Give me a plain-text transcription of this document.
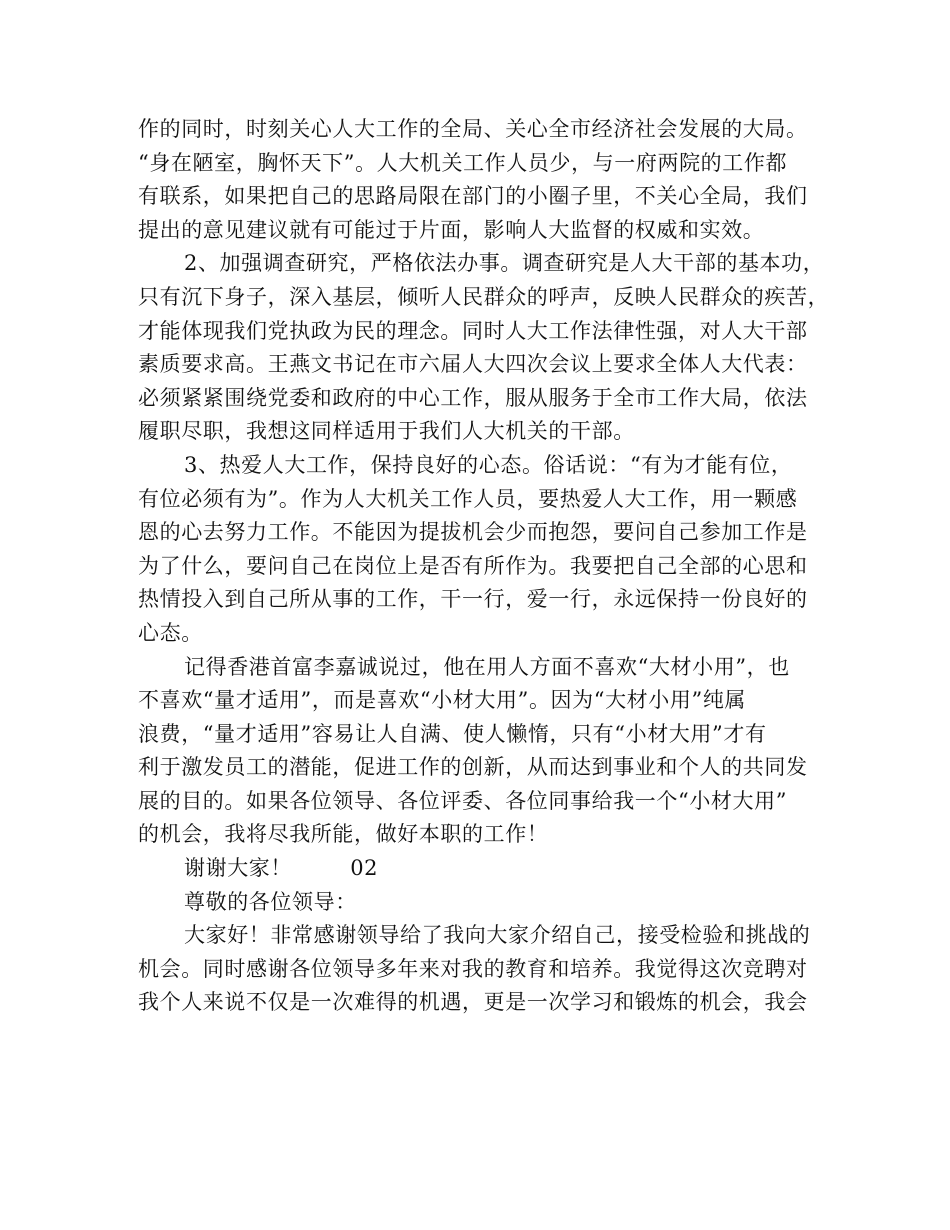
作的同时，时刻关心人大工作的全局、关心全市经济社会发展的大局。
“身在陋室，胸怀天下”。人大机关工作人员少，与一府两院的工作都
有联系，如果把自己的思路局限在部门的小圈子里，不关心全局，我们
提出的意见建议就有可能过于片面，影响人大监督的权威和实效。
2、加强调查研究，严格依法办事。调查研究是人大干部的基本功，
只有沉下身子，深入基层，倾听人民群众的呼声，反映人民群众的疾苦，
才能体现我们党执政为民的理念。同时人大工作法律性强，对人大干部
素质要求高。王燕文书记在市六届人大四次会议上要求全体人大代表：
必须紧紧围绕党委和政府的中心工作，服从服务于全市工作大局，依法
履职尽职，我想这同样适用于我们人大机关的干部。
3、热爱人大工作，保持良好的心态。俗话说：“有为才能有位，
有位必须有为”。作为人大机关工作人员，要热爱人大工作，用一颗感
恩的心去努力工作。不能因为提拔机会少而抱怨，要问自己参加工作是
为了什么，要问自己在岗位上是否有所作为。我要把自己全部的心思和
热情投入到自己所从事的工作，干一行，爱一行，永远保持一份良好的
心态。
记得香港首富李嘉诚说过，他在用人方面不喜欢“大材小用”，也
不喜欢“量才适用”，而是喜欢“小材大用”。因为“大材小用”纯属
浪费，“量才适用”容易让人自满、使人懒惰，只有“小材大用”才有
利于激发员工的潜能，促进工作的创新，从而达到事业和个人的共同发
展的目的。如果各位领导、各位评委、各位同事给我一个“小材大用”
的机会，我将尽我所能，做好本职的工作！
谢谢大家！        02
尊敬的各位领导：
大家好！非常感谢领导给了我向大家介绍自己，接受检验和挑战的
机会。同时感谢各位领导多年来对我的教育和培养。我觉得这次竞聘对
我个人来说不仅是一次难得的机遇，更是一次学习和锻炼的机会，我会
